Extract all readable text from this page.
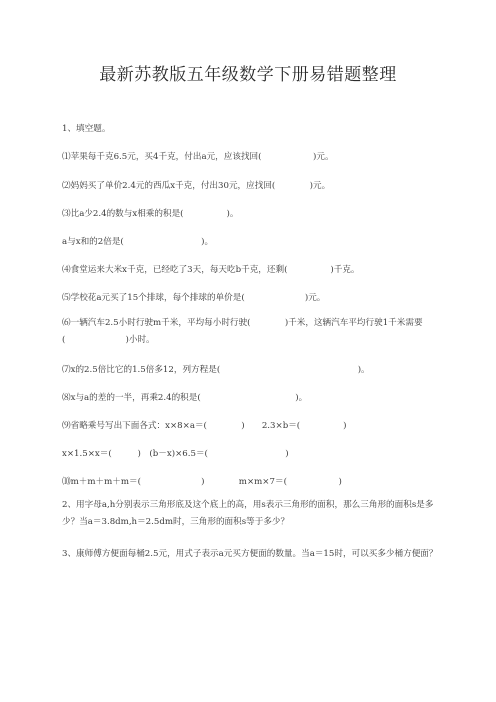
最新苏教版五年级数学下册易错题整理
1、填空题。
⑴苹果每千克6.5元，买4千克，付出a元，应该找回(　　　　　　)元。
⑵妈妈买了单价2.4元的西瓜x千克，付出30元，应找回(　　　　)元。
⑶比a少2.4的数与x相乘的积是(　　　　　)。
a与x和的2倍是(　　　　　　　　　)。
⑷食堂运来大米x千克，已经吃了3天，每天吃b千克，还剩(　　　　　)千克。
⑸学校花a元买了15个排球，每个排球的单价是(　　　　　　　)元。
⑹一辆汽车2.5小时行驶m千米，平均每小时行驶(　　　　)千米，这辆汽车平均行驶1千米需要(　　　　　　　)小时。
⑺x的2.5倍比它的1.5倍多12，列方程是(　　　　　　　　　　　　　　　　)。
⑻x与a的差的一半，再乘2.4的积是(　　　　　　　　　　　)。
⑼省略乘号写出下面各式：x×8×a＝(　　　　)　　2.3×b＝(　　　　　)
x×1.5×x＝(　　　)　(b－x)×6.5＝(　　　　　　　　　)
⑽m＋m＋m＋m＝(　　　　　　　)　　　　m×m×7＝(　　　　　　)
2、用字母a,h分别表示三角形底及这个底上的高，用s表示三角形的面积，那么三角形的面积s是多少？当a＝3.8dm,h＝2.5dm时，三角形的面积s等于多少？
3、康师傅方便面每桶2.5元，用式子表示a元买方便面的数量。当a＝15时，可以买多少桶方便面？
